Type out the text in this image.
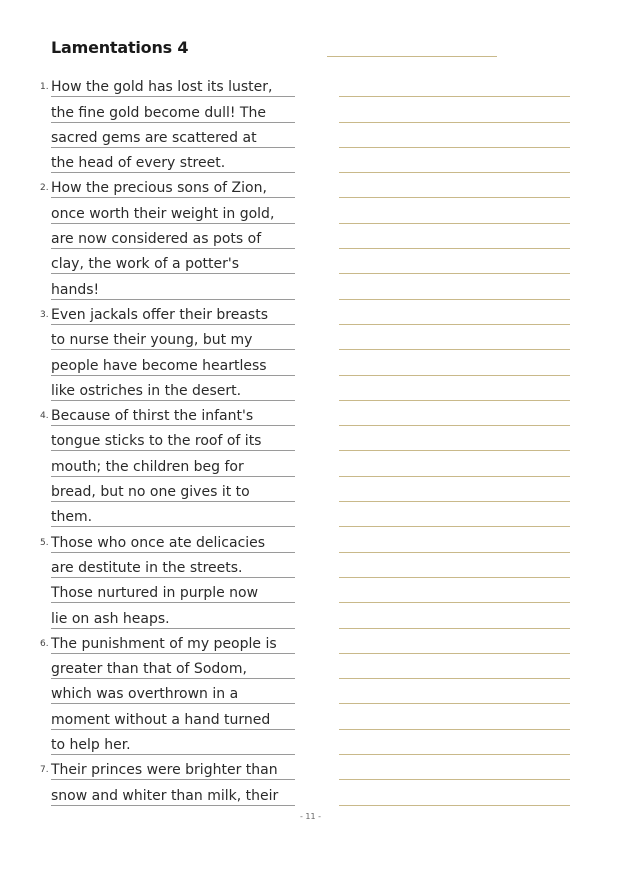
Lamentations 4
1. How the gold has lost its luster,
the fine gold become dull! The
sacred gems are scattered at
the head of every street.
2. How the precious sons of Zion,
once worth their weight in gold,
are now considered as pots of
clay, the work of a potter's
hands!
3. Even jackals offer their breasts
to nurse their young, but my
people have become heartless
like ostriches in the desert.
4. Because of thirst the infant's
tongue sticks to the roof of its
mouth; the children beg for
bread, but no one gives it to
them.
5. Those who once ate delicacies
are destitute in the streets.
Those nurtured in purple now
lie on ash heaps.
6. The punishment of my people is
greater than that of Sodom,
which was overthrown in a
moment without a hand turned
to help her.
7. Their princes were brighter than
snow and whiter than milk, their
- 11 -
